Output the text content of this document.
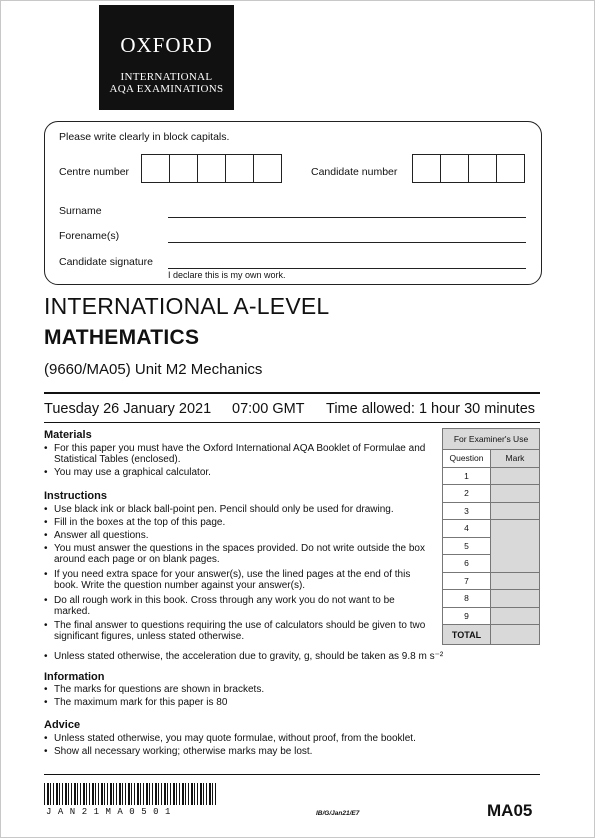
OXFORD
INTERNATIONAL
AQA EXAMINATIONS
Please write clearly in block capitals.
Centre number	Candidate number
Surname
Forename(s)
Candidate signature
I declare this is my own work.
INTERNATIONAL A-LEVEL
MATHEMATICS
(9660/MA05) Unit M2 Mechanics
Tuesday 26 January 2021 07:00 GMT Time allowed: 1 hour 30 minutes
Materials
• For this paper you must have the Oxford International AQA Booklet of Formulae and Statistical Tables (enclosed).
• You may use a graphical calculator.
Instructions
• Use black ink or black ball-point pen. Pencil should only be used for drawing.
• Fill in the boxes at the top of this page.
• Answer all questions.
• You must answer the questions in the spaces provided. Do not write outside the box around each page or on blank pages.
• If you need extra space for your answer(s), use the lined pages at the end of this book. Write the question number against your answer(s).
• Do all rough work in this book. Cross through any work you do not want to be marked.
• The final answer to questions requiring the use of calculators should be given to two significant figures, unless stated otherwise.
• Unless stated otherwise, the acceleration due to gravity, g, should be taken as 9.8 m s⁻²
Information
• The marks for questions are shown in brackets.
• The maximum mark for this paper is 80
Advice
• Unless stated otherwise, you may quote formulae, without proof, from the booklet.
• Show all necessary working; otherwise marks may be lost.
For Examiner's Use	
Question	Mark
1	
2	
3	
4	
5	
6	
7	
8	
9	
TOTAL	
JAN21MA0501	IB/G/Jan21/E7	MA05
